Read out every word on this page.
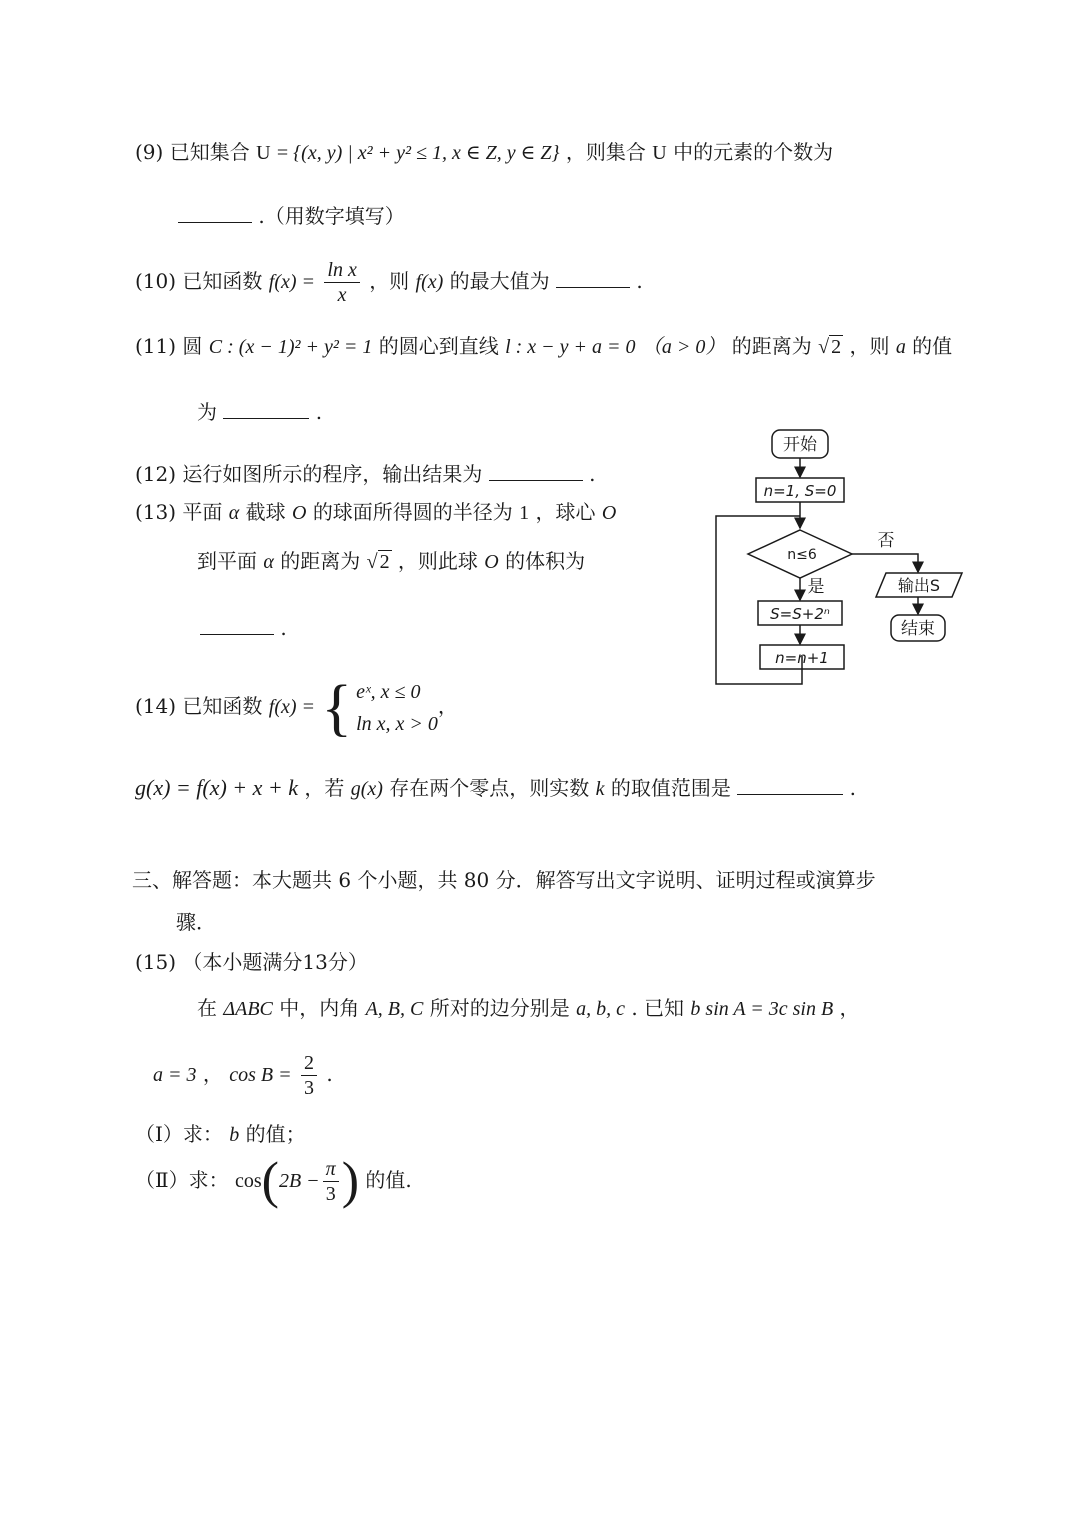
(9) 已知集合 U = {(x, y) | x² + y² ≤ 1, x ∈ Z, y ∈ Z} ，则集合 U 中的元素的个数为
.（用数字填写）
(10) 已知函数 $f(x) = \frac{\text{ln x}}{x}$ ，则 f(x) 的最大值为	.
(11) 圆 C : (x − 1)² + y² = 1 的圆心到直线 l : x − y + a = 0 （a > 0） 的距离为 √ 2 ，则 a 的值
为	.
(12) 运行如图所示的程序，输出结果为	.
(13) 平面 α 截球 O 的球面所得圆的半径为 1 ，球心 O
到平面 α 的距离为 √ 2 ，则此球 O 的体积为
.
(14) 已知函数 f(x) = { eˣ, x ≤ 0
ln x, x > 0
，
g(x) = f(x) + x + k ，若 g(x) 存在两个零点，则实数 k 的取值范围是	.
三、解答题：本大题共 6 个小题，共 80 分．解答写出文字说明、证明过程或演算步
骤．
(15) （本小题满分13分）
在 ΔABC 中，内角 A, B, C 所对的边分别是 a, b, c . 已知 b sin A = 3c sin B ，
a = 3 ， $\cos B = \frac{2}{3}$ .
（Ⅰ）求： b 的值；
（Ⅱ）求： $\cos(2B - \frac{\pi}{3}$ ) 的值.
开始
n=1, S=0
n≤6
否
是
S=S+2ⁿ
n=n+1
输出S
结束
